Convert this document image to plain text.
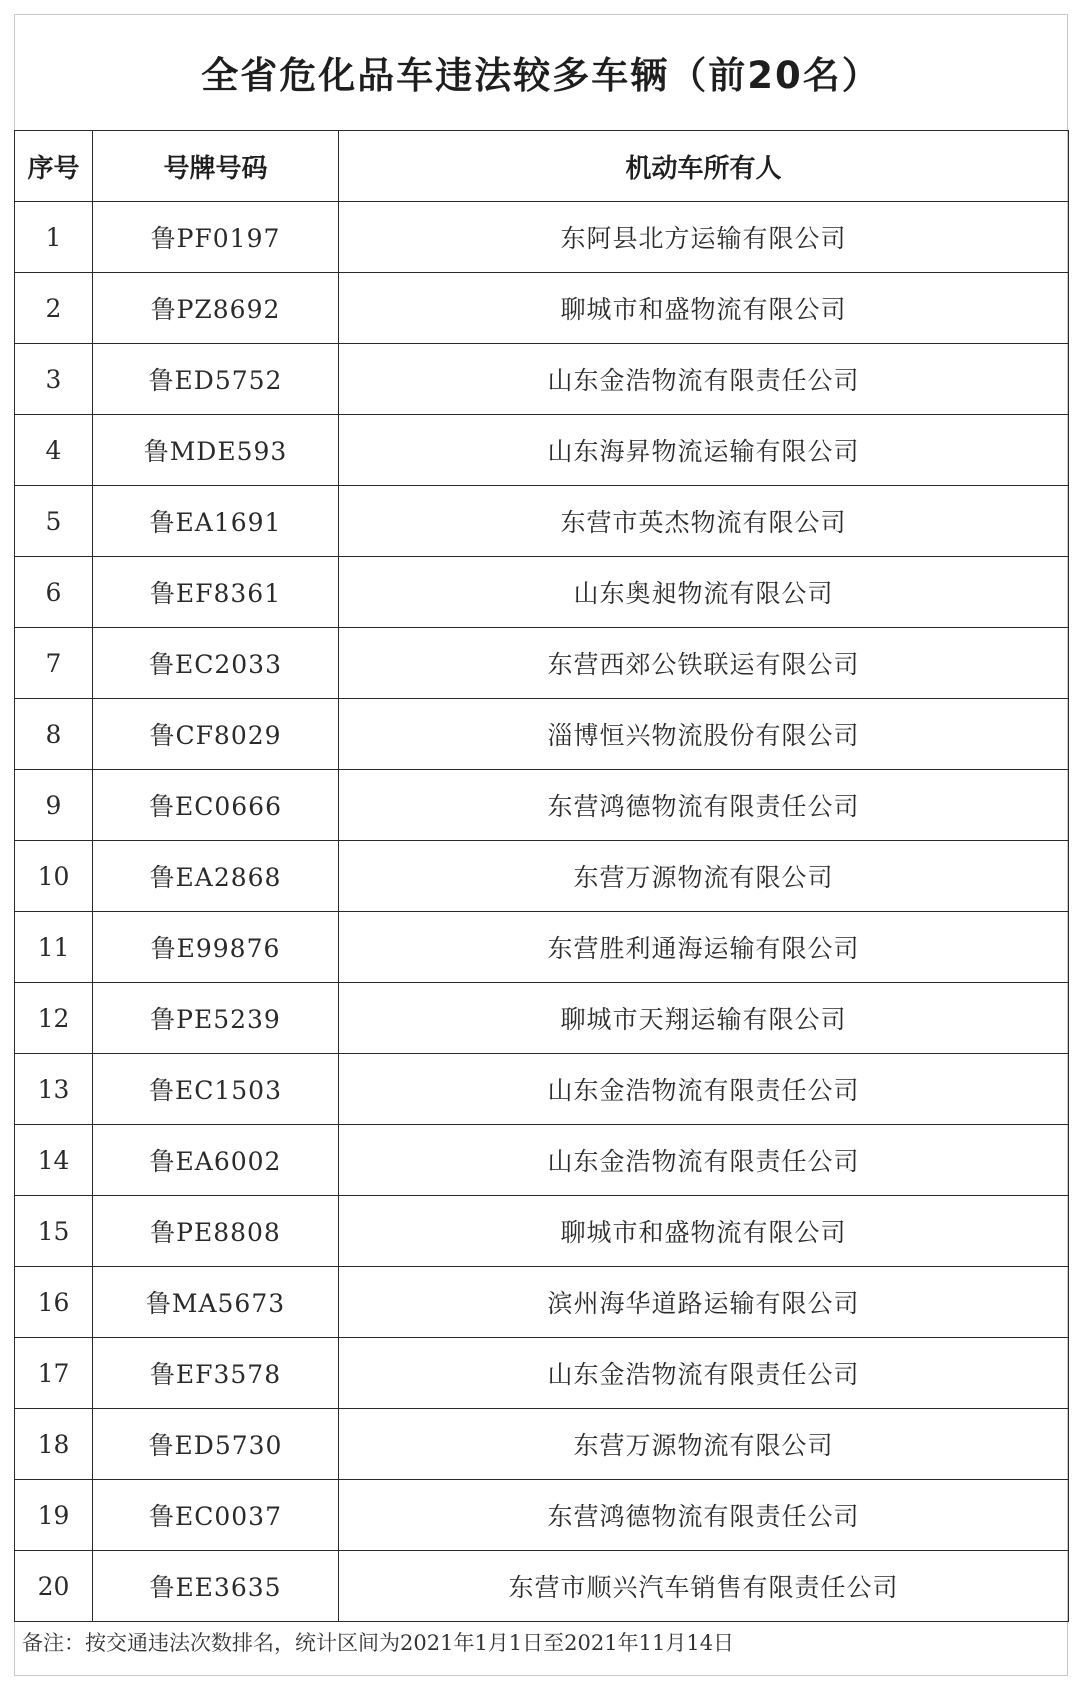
全省危化品车违法较多车辆（前20名）
序号	号牌号码	机动车所有人
1	鲁PF0197	东阿县北方运输有限公司
2	鲁PZ8692	聊城市和盛物流有限公司
3	鲁ED5752	山东金浩物流有限责任公司
4	鲁MDE593	山东海昇物流运输有限公司
5	鲁EA1691	东营市英杰物流有限公司
6	鲁EF8361	山东奥昶物流有限公司
7	鲁EC2033	东营西郊公铁联运有限公司
8	鲁CF8029	淄博恒兴物流股份有限公司
9	鲁EC0666	东营鸿德物流有限责任公司
10	鲁EA2868	东营万源物流有限公司
11	鲁E99876	东营胜利通海运输有限公司
12	鲁PE5239	聊城市天翔运输有限公司
13	鲁EC1503	山东金浩物流有限责任公司
14	鲁EA6002	山东金浩物流有限责任公司
15	鲁PE8808	聊城市和盛物流有限公司
16	鲁MA5673	滨州海华道路运输有限公司
17	鲁EF3578	山东金浩物流有限责任公司
18	鲁ED5730	东营万源物流有限公司
19	鲁EC0037	东营鸿德物流有限责任公司
20	鲁EE3635	东营市顺兴汽车销售有限责任公司
备注：按交通违法次数排名，统计区间为2021年1月1日至2021年11月14日
